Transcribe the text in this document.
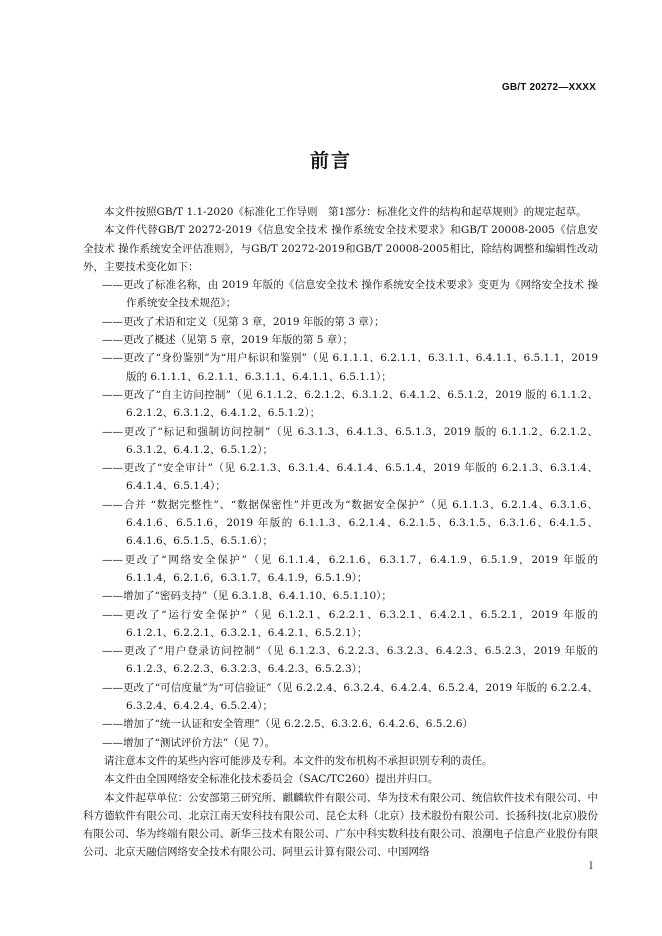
GB/T 20272—XXXX
前言

本文件按照GB/T 1.1-2020《标准化工作导则　第1部分：标准化文件的结构和起草规则》的规定起草。

本文件代替GB/T 20272-2019《信息安全技术 操作系统安全技术要求》和GB/T 20008-2005《信息安全技术 操作系统安全评估准则》，与GB/T 20272-2019和GB/T 20008-2005相比，除结构调整和编辑性改动外，主要技术变化如下：

——更改了标准名称，由 2019 年版的《信息安全技术 操作系统安全技术要求》变更为《网络安全技术 操作系统安全技术规范》；

——更改了术语和定义（见第 3 章，2019 年版的第 3 章）；

——更改了概述（见第 5 章，2019 年版的第 5 章）；

——更改了“身份鉴别”为“用户标识和鉴别”（见 6.1.1.1、6.2.1.1、6.3.1.1、6.4.1.1、6.5.1.1，2019 版的 6.1.1.1、6.2.1.1、6.3.1.1、6.4.1.1、6.5.1.1）；

——更改了“自主访问控制”（见 6.1.1.2、6.2.1.2、6.3.1.2、6.4.1.2、6.5.1.2，2019 版的 6.1.1.2、6.2.1.2、6.3.1.2、6.4.1.2、6.5.1.2）；

——更改了“标记和强制访问控制”（见 6.3.1.3、6.4.1.3、6.5.1.3，2019 版的 6.1.1.2、6.2.1.2、6.3.1.2、6.4.1.2、6.5.1.2）；

——更改了“安全审计”（见 6.2.1.3、6.3.1.4、6.4.1.4、6.5.1.4，2019 年版的 6.2.1.3、6.3.1.4、6.4.1.4、6.5.1.4）；

——合并 “数据完整性”、“数据保密性”并更改为“数据安全保护”（见 6.1.1.3、6.2.1.4、6.3.1.6、6.4.1.6、6.5.1.6，2019 年版的 6.1.1.3、6.2.1.4、6.2.1.5、6.3.1.5、6.3.1.6、6.4.1.5、6.4.1.6、6.5.1.5、6.5.1.6）；

——更改了“网络安全保护”（见 6.1.1.4，6.2.1.6，6.3.1.7，6.4.1.9，6.5.1.9，2019 年版的 6.1.1.4，6.2.1.6，6.3.1.7，6.4.1.9，6.5.1.9）；

——增加了“密码支持”（见 6.3.1.8、6.4.1.10、6.5.1.10）；

——更改了“运行安全保护”（见 6.1.2.1、6.2.2.1、6.3.2.1、6.4.2.1、6.5.2.1，2019 年版的 6.1.2.1、6.2.2.1、6.3.2.1、6.4.2.1、6.5.2.1）；

——更改了“用户登录访问控制”（见 6.1.2.3、6.2.2.3、6.3.2.3、6.4.2.3、6.5.2.3，2019 年版的 6.1.2.3、6.2.2.3、6.3.2.3、6.4.2.3、6.5.2.3）；

——更改了“可信度量”为“可信验证”（见 6.2.2.4、6.3.2.4、6.4.2.4、6.5.2.4，2019 年版的 6.2.2.4、6.3.2.4、6.4.2.4、6.5.2.4）；

——增加了“统一认证和安全管理”（见 6.2.2.5、6.3.2.6、6.4.2.6、6.5.2.6）

——增加了“测试评价方法”（见 7）。

请注意本文件的某些内容可能涉及专利。本文件的发布机构不承担识别专利的责任。

本文件由全国网络安全标准化技术委员会（SAC/TC260）提出并归口。

本文件起草单位：公安部第三研究所、麒麟软件有限公司、华为技术有限公司、统信软件技术有限公司、中科方德软件有限公司、北京江南天安科技有限公司、昆仑太科（北京）技术股份有限公司、长扬科技(北京)股份有限公司、华为终端有限公司、新华三技术有限公司、广东中科实数科技有限公司、浪潮电子信息产业股份有限公司、北京天融信网络安全技术有限公司、阿里云计算有限公司、中国网络

I
